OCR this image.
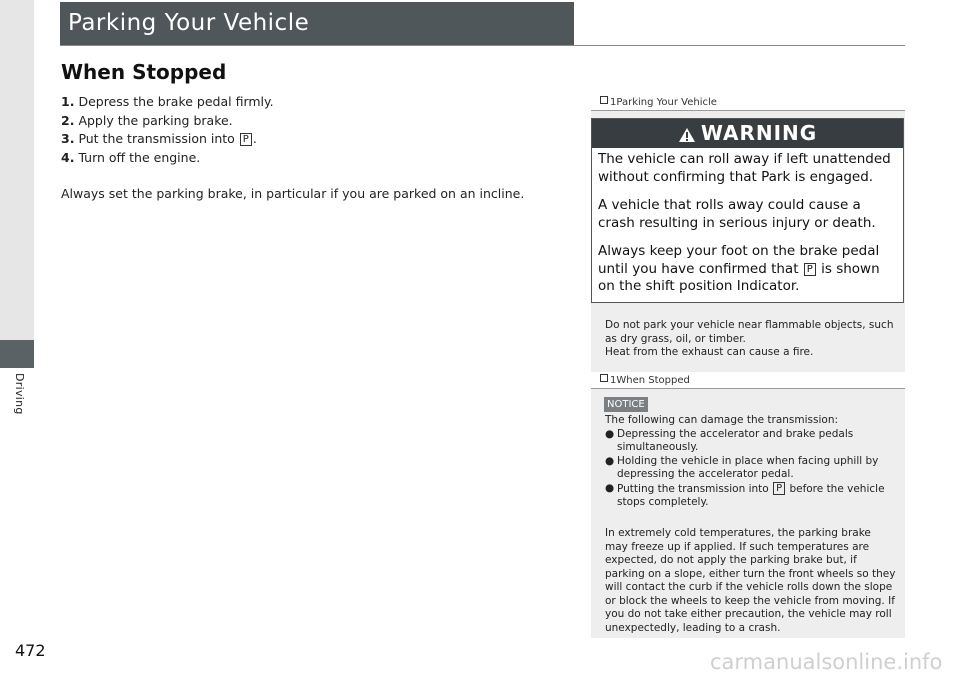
Driving
Parking Your Vehicle
When Stopped
1. Depress the brake pedal firmly.
2. Apply the parking brake.
3. Put the transmission into P .
4. Turn off the engine.
Always set the parking brake, in particular if you are parked on an incline.
1Parking Your Vehicle
WARNING

The vehicle can roll away if left unattended without confirming that Park is engaged.

A vehicle that rolls away could cause a crash resulting in serious injury or death.

Always keep your foot on the brake pedal until you have confirmed that P is shown on the shift position Indicator.

Do not park your vehicle near flammable objects, such as dry grass, oil, or timber.
Heat from the exhaust can cause a fire.
1When Stopped
NOTICE
The following can damage the transmission:
● Depressing the accelerator and brake pedals simultaneously.
● Holding the vehicle in place when facing uphill by depressing the accelerator pedal.
● Putting the transmission into P before the vehicle stops completely.
In extremely cold temperatures, the parking brake may freeze up if applied. If such temperatures are expected, do not apply the parking brake but, if parking on a slope, either turn the front wheels so they will contact the curb if the vehicle rolls down the slope or block the wheels to keep the vehicle from moving. If you do not take either precaution, the vehicle may roll unexpectedly, leading to a crash.
472	carmanualsonline.info
